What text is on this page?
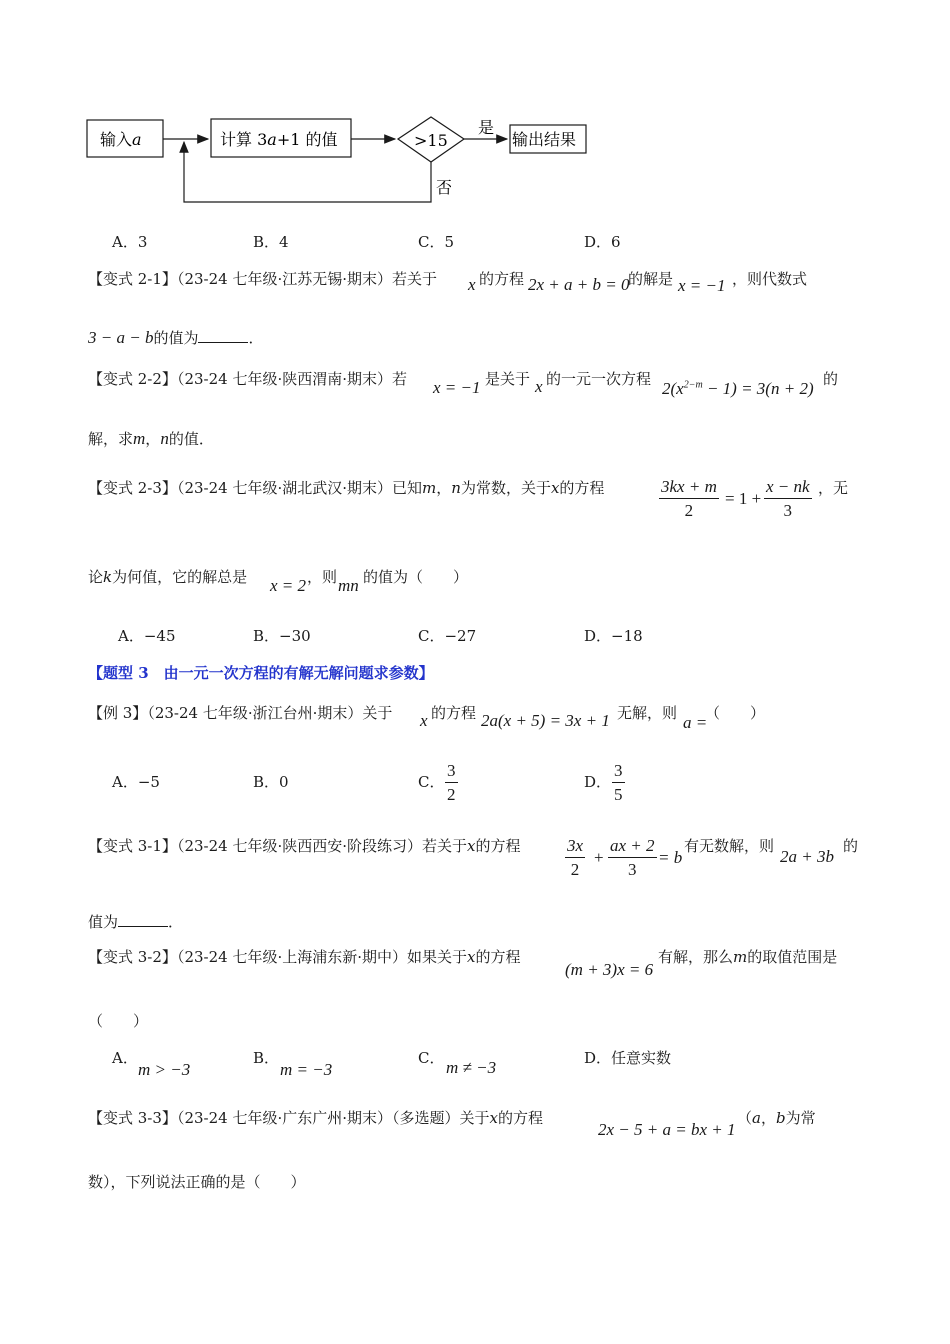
输入a	计算 3a+1 的值	>15
是
输出结果
否
A．3	B．4	C．5	D．6
【变式 2-1】（23-24 七年级·江苏无锡·期末）若关于 x 的方程 2x + a + b = 0
的解是 x = −1 ，则代数式
3 − a − b的值为	．
【变式 2-2】（23-24 七年级·陕西渭南·期末）若 x = −1 是关于 x 的一元一次方程 $2(x^{2-m} - 1) = 3(n + 2)$ 的
解，求m，n的值．
【变式 2-3】（23-24 七年级·湖北武汉·期末）已知m，n为常数，关于x的方程	$\frac{3kx + m}{2} = 1 + \frac{x - nk}{3}$ ，无
论k为何值，它的解总是 x = 2 ，则 mn 的值为（　　）
A．−45	B．−30	C．−27	D．−18
【题型 3　由一元一次方程的有解无解问题求参数】
【例 3】（23-24 七年级·浙江台州·期末）关于 x 的方程 2a(x + 5) = 3x + 1 无解，则 a =
（　　）
A．−5	B．0	C． $\frac{3}{2}$	D． $\frac{3}{5}$
【变式 3-1】（23-24 七年级·陕西西安·阶段练习）若关于x的方程	$\frac{3x}{2} + \frac{ax + 2}{3} = b$
有无数解，则
2a + 3b
的
值为	．
【变式 3-2】（23-24 七年级·上海浦东新·期中）如果关于x的方程
(m + 3)x = 6
有解，那么m的取值范围是
（　　）
A．
m > −3
B．
m = −3
C． m ≠ −3	D．任意实数
【变式 3-3】（23-24 七年级·广东广州·期末）（多选题）关于x的方程
2x − 5 + a = bx + 1
（a，b为常
数），下列说法正确的是（　　）
